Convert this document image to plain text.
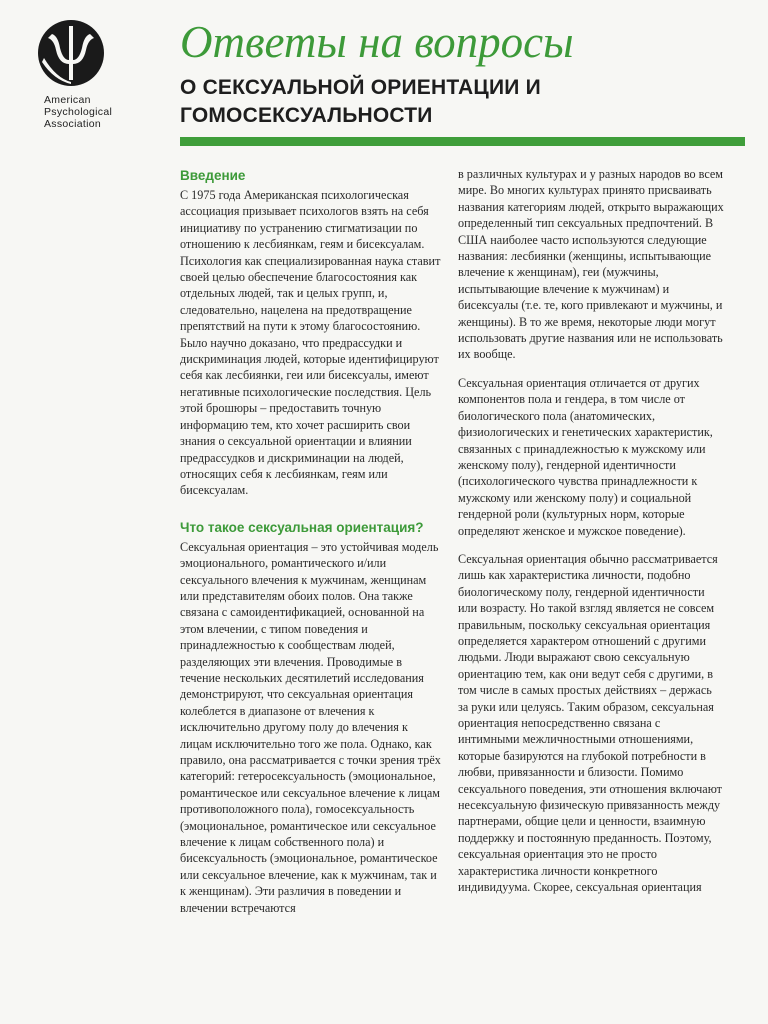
American
Psychological
Association
Ответы на вопросы
О СЕКСУАЛЬНОЙ ОРИЕНТАЦИИ И ГОМОСЕКСУАЛЬНОСТИ
Введение

С 1975 года Американская психологическая ассоциация призывает психологов взять на себя инициативу по устранению стигматизации по отношению к лесбиянкам, геям и бисексуалам. Психология как специализированная наука ставит своей целью обеспечение благосостояния как отдельных людей, так и целых групп, и, следовательно, нацелена на предотвращение препятствий на пути к этому благосостоянию. Было научно доказано, что предрассудки и дискриминация людей, которые идентифицируют себя как лесбиянки, геи или бисексуалы, имеют негативные психологические последствия. Цель этой брошюры – предоставить точную информацию тем, кто хочет расширить свои знания о сексуальной ориентации и влиянии предрассудков и дискриминации на людей, относящих себя к лесбиянкам, геям или бисексуалам.

Что такое сексуальная ориентация?

Сексуальная ориентация – это устойчивая модель эмоционального, романтического и/или сексуального влечения к мужчинам, женщинам или представителям обоих полов. Она также связана с самоидентификацией, основанной на этом влечении, с типом поведения и принадлежностью к сообществам людей, разделяющих эти влечения. Проводимые в течение нескольких десятилетий исследования демонстрируют, что сексуальная ориентация колеблется в диапазоне от влечения к исключительно другому полу до влечения к лицам исключительно того же пола. Однако, как правило, она рассматривается с точки зрения трёх категорий: гетеросексуальность (эмоциональное, романтическое или сексуальное влечение к лицам противоположного пола), гомосексуальность (эмоциональное, романтическое или сексуальное влечение к лицам собственного пола) и бисексуальность (эмоциональное, романтическое или сексуальное влечение, как к мужчинам, так и к женщинам). Эти различия в поведении и влечении встречаются

в различных культурах и у разных народов во всем мире. Во многих культурах принято присваивать названия категориям людей, открыто выражающих определенный тип сексуальных предпочтений. В США наиболее часто используются следующие названия: лесбиянки (женщины, испытывающие влечение к женщинам), геи (мужчины, испытывающие влечение к мужчинам) и бисексуалы (т.е. те, кого привлекают и мужчины, и женщины). В то же время, некоторые люди могут использовать другие названия или не использовать их вообще.

Сексуальная ориентация отличается от других компонентов пола и гендера, в том числе от биологического пола (анатомических, физиологических и генетических характеристик, связанных с принадлежностью к мужскому или женскому полу), гендерной идентичности (психологического чувства принадлежности к мужскому или женскому полу) и социальной гендерной роли (культурных норм, которые определяют женское и мужское поведение).

Сексуальная ориентация обычно рассматривается лишь как характеристика личности, подобно биологическому полу, гендерной идентичности или возрасту. Но такой взгляд является не совсем правильным, поскольку сексуальная ориентация определяется характером отношений с другими людьми. Люди выражают свою сексуальную ориентацию тем, как они ведут себя с другими, в том числе в самых простых действиях – держась за руки или целуясь. Таким образом, сексуальная ориентация непосредственно связана с интимными межличностными отношениями, которые базируются на глубокой потребности в любви, привязанности и близости. Помимо сексуального поведения, эти отношения включают несексуальную физическую привязанность между партнерами, общие цели и ценности, взаимную поддержку и постоянную преданность. Поэтому, сексуальная ориентация это не просто характеристика личности конкретного индивидуума. Скорее, сексуальная ориентация
